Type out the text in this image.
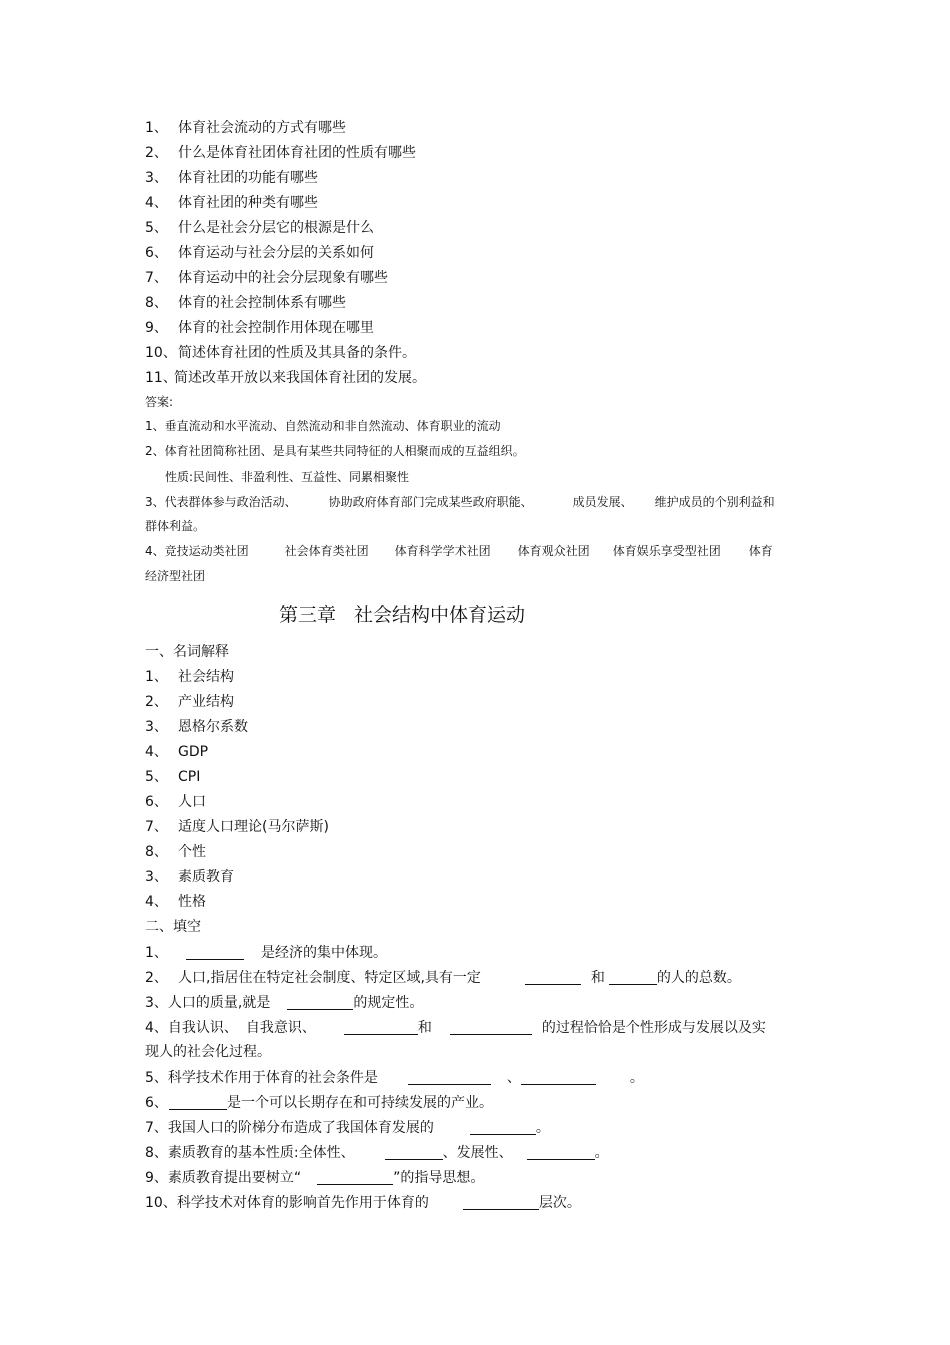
1、 体育社会流动的方式有哪些
2、 什么是体育社团体育社团的性质有哪些
3、 体育社团的功能有哪些
4、 体育社团的种类有哪些
5、 什么是社会分层它的根源是什么
6、 体育运动与社会分层的关系如何
7、 体育运动中的社会分层现象有哪些
8、 体育的社会控制体系有哪些
9、 体育的社会控制作用体现在哪里
10、简述体育社团的性质及其具备的条件。
11、简述改革开放以来我国体育社团的发展。
答案:
1、垂直流动和水平流动、自然流动和非自然流动、体育职业的流动
2、体育社团简称社团、是具有某些共同特征的人相聚而成的互益组织。
性质:民间性、非盈利性、互益性、同累相聚性
3、代表群体参与政治活动、	协助政府体育部门完成某些政府职能、	成员发展、 维护成员的个别利益和
群体利益。
4、竞技运动类社团	社会体育类社团 体育科学学术社团 体育观众社团 体育娱乐享受型社团 体育
经济型社团
第三章 社会结构中体育运动
一、名词解释
1、 社会结构
2、 产业结构
3、 恩格尔系数
4、 GDP
5、 CPI
6、 人口
7、 适度人口理论(马尔萨斯)
8、 个性
3、 素质教育
4、 性格
二、填空
1、	是经济的集中体现。
2、 人口,指居住在特定社会制度、特定区域,具有一定	和	的人的总数。
3、人口的质量,就是	的规定性。
4、自我认识、 自我意识、	和	的过程恰恰是个性形成与发展以及实
现人的社会化过程。
5、科学技术作用于体育的社会条件是	、	。
6、	是一个可以长期存在和可持续发展的产业。
7、我国人口的阶梯分布造成了我国体育发展的	。
8、素质教育的基本性质:全体性、	、发展性、	。
9、素质教育提出要树立“	”的指导思想。
10、科学技术对体育的影响首先作用于体育的	层次。
